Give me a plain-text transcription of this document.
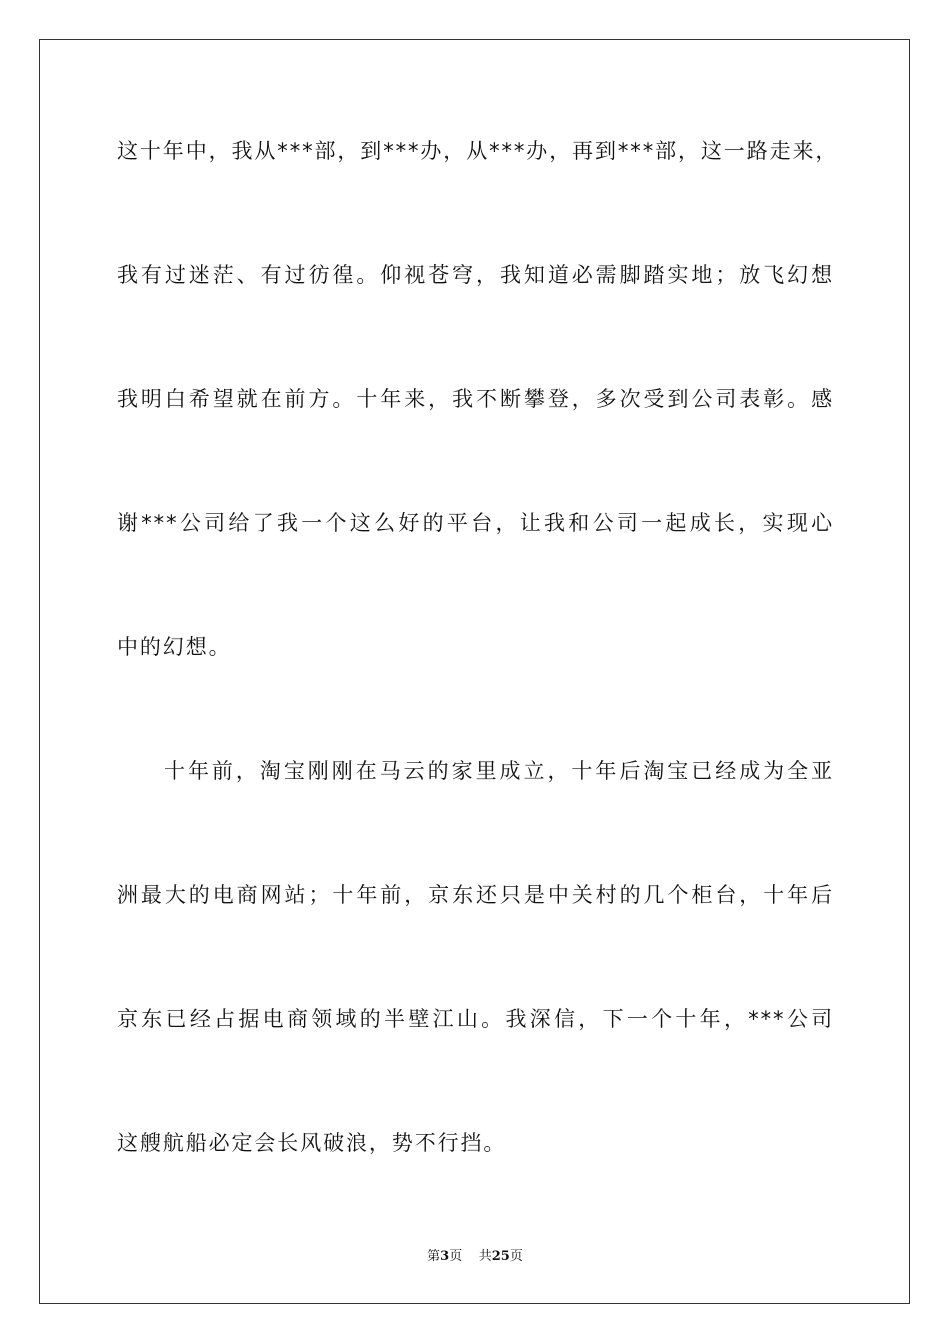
这十年中，我从***部，到***办，从***办，再到***部，这一路走来，
我有过迷茫、有过彷徨。仰视苍穹，我知道必需脚踏实地；放飞幻想
我明白希望就在前方。十年来，我不断攀登，多次受到公司表彰。感
谢***公司给了我一个这么好的平台，让我和公司一起成长，实现心
中的幻想。
十年前，淘宝刚刚在马云的家里成立，十年后淘宝已经成为全亚
洲最大的电商网站；十年前，京东还只是中关村的几个柜台，十年后
京东已经占据电商领域的半壁江山。我深信，下一个十年，***公司
这艘航船必定会长风破浪，势不行挡。
第3页 共25页
